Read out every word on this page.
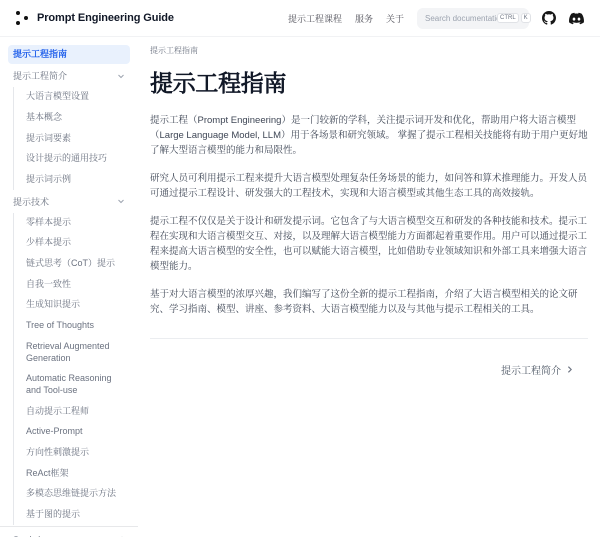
Prompt Engineering Guide	提示工程课程 服务 关于
Search documentation...	CTRL	K
提示工程指南
提示工程简介
大语言模型设置
基本概念
提示词要素
设计提示的通用技巧
提示词示例
提示技术
零样本提示
少样本提示
链式思考（CoT）提示
自我一致性
生成知识提示
Tree of Thoughts
Retrieval Augmented Generation
Automatic Reasoning and Tool-use
自动提示工程师
Active-Prompt
方向性刺激提示
ReAct框架
多模态思维链提示方法
基于图的提示
提示工程指南
提示工程指南

提示工程（Prompt Engineering）是一门较新的学科，关注提示词开发和优化，帮助用户将大语言模型（Large Language Model, LLM）用于各场景和研究领域。 掌握了提示工程相关技能将有助于用户更好地了解大型语言模型的能力和局限性。

研究人员可利用提示工程来提升大语言模型处理复杂任务场景的能力，如问答和算术推理能力。开发人员可通过提示工程设计、研发强大的工程技术，实现和大语言模型或其他生态工具的高效接轨。

提示工程不仅仅是关于设计和研发提示词。它包含了与大语言模型交互和研发的各种技能和技术。提示工程在实现和大语言模型交互、对接，以及理解大语言模型能力方面都起着重要作用。用户可以通过提示工程来提高大语言模型的安全性，也可以赋能大语言模型，比如借助专业领域知识和外部工具来增强大语言模型能力。

基于对大语言模型的浓厚兴趣，我们编写了这份全新的提示工程指南，介绍了大语言模型相关的论文研究、学习指南、模型、讲座、参考资料、大语言模型能力以及与其他与提示工程相关的工具。

提示工程简介
